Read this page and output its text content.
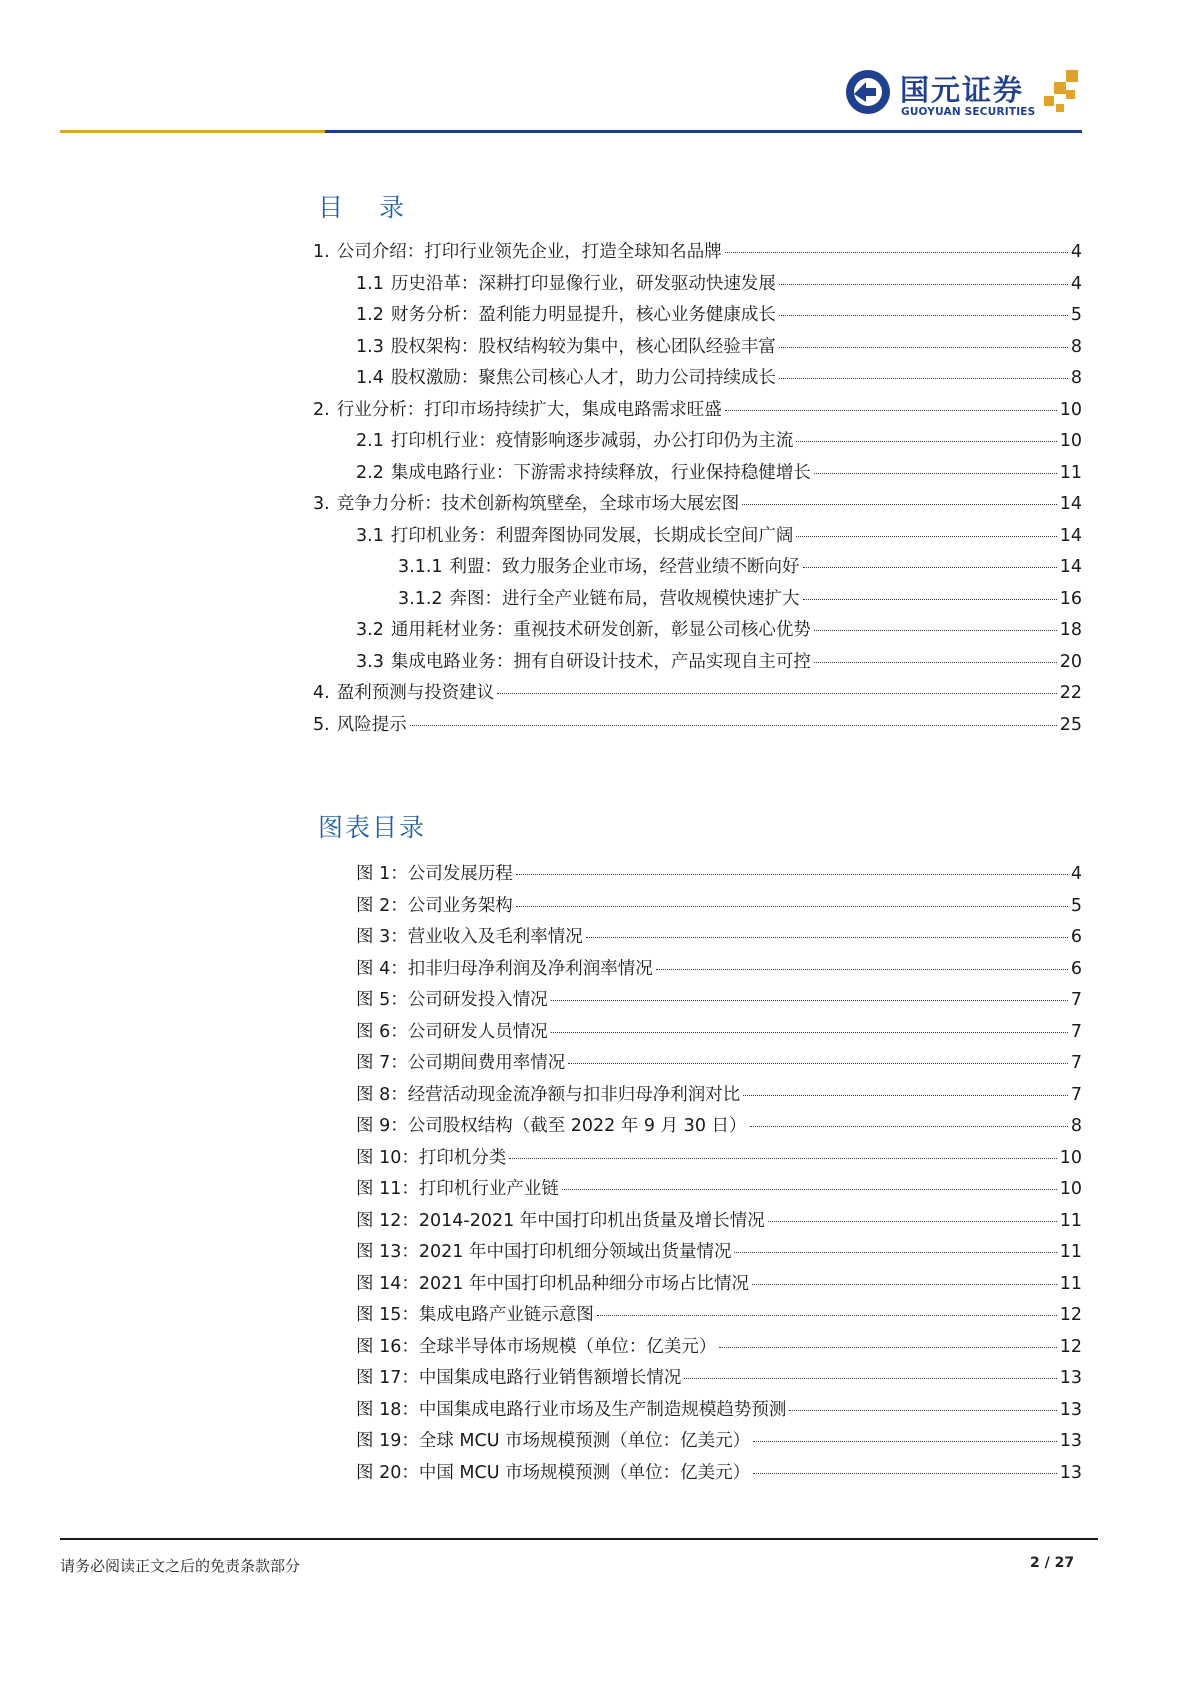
国元证券
GUOYUAN SECURITIES
目 录
1. 公司介绍：打印行业领先企业，打造全球知名品牌	4
1.1 历史沿革：深耕打印显像行业，研发驱动快速发展	4
1.2 财务分析：盈利能力明显提升，核心业务健康成长	5
1.3 股权架构：股权结构较为集中，核心团队经验丰富	8
1.4 股权激励：聚焦公司核心人才，助力公司持续成长	8
2. 行业分析：打印市场持续扩大，集成电路需求旺盛	10
2.1 打印机行业：疫情影响逐步减弱，办公打印仍为主流	10
2.2 集成电路行业：下游需求持续释放，行业保持稳健增长	11
3. 竞争力分析：技术创新构筑壁垒，全球市场大展宏图	14
3.1 打印机业务：利盟奔图协同发展，长期成长空间广阔	14
3.1.1 利盟：致力服务企业市场，经营业绩不断向好	14
3.1.2 奔图：进行全产业链布局，营收规模快速扩大	16
3.2 通用耗材业务：重视技术研发创新，彰显公司核心优势	18
3.3 集成电路业务：拥有自研设计技术，产品实现自主可控	20
4. 盈利预测与投资建议	22
5. 风险提示	25
图表目录
图 1：公司发展历程	4
图 2：公司业务架构	5
图 3：营业收入及毛利率情况	6
图 4：扣非归母净利润及净利润率情况	6
图 5：公司研发投入情况	7
图 6：公司研发人员情况	7
图 7：公司期间费用率情况	7
图 8：经营活动现金流净额与扣非归母净利润对比	7
图 9：公司股权结构（截至 2022 年 9 月 30 日）	8
图 10：打印机分类	10
图 11：打印机行业产业链	10
图 12：2014-2021 年中国打印机出货量及增长情况	11
图 13：2021 年中国打印机细分领域出货量情况	11
图 14：2021 年中国打印机品种细分市场占比情况	11
图 15：集成电路产业链示意图	12
图 16：全球半导体市场规模（单位：亿美元）	12
图 17：中国集成电路行业销售额增长情况	13
图 18：中国集成电路行业市场及生产制造规模趋势预测	13
图 19：全球 MCU 市场规模预测（单位：亿美元）	13
图 20：中国 MCU 市场规模预测（单位：亿美元）	13
请务必阅读正文之后的免责条款部分	2 / 27
